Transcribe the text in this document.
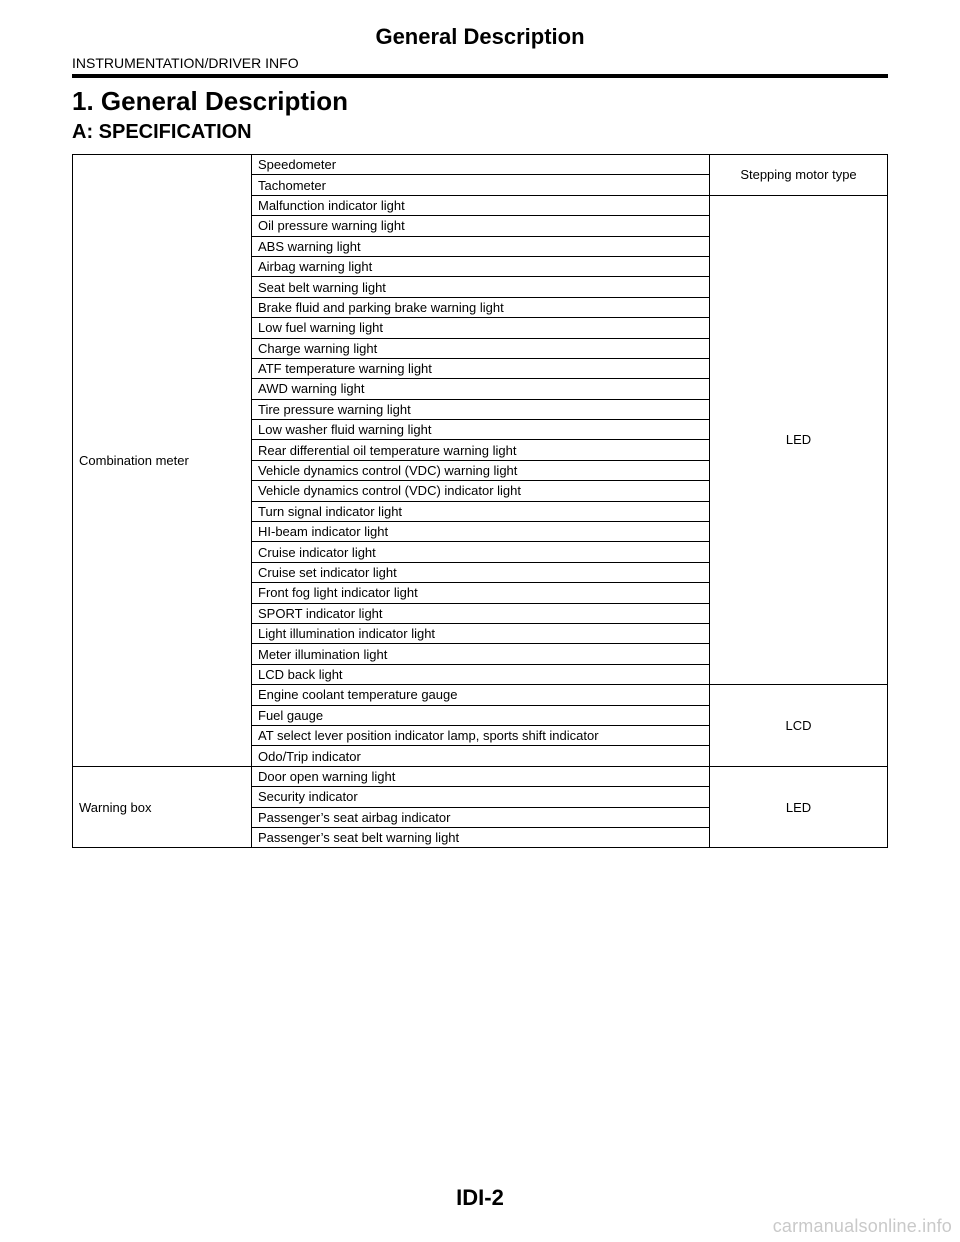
General Description
INSTRUMENTATION/DRIVER INFO
1. General Description
A: SPECIFICATION
Combination meter	Speedometer	Stepping motor type
	Tachometer	
	Malfunction indicator light	LED
	Oil pressure warning light	
	ABS warning light	
	Airbag warning light	
	Seat belt warning light	
	Brake fluid and parking brake warning light	
	Low fuel warning light	
	Charge warning light	
	ATF temperature warning light	
	AWD warning light	
	Tire pressure warning light	
	Low washer fluid warning light	
	Rear differential oil temperature warning light	
	Vehicle dynamics control (VDC) warning light	
	Vehicle dynamics control (VDC) indicator light	
	Turn signal indicator light	
	HI-beam indicator light	
	Cruise indicator light	
	Cruise set indicator light	
	Front fog light indicator light	
	SPORT indicator light	
	Light illumination indicator light	
	Meter illumination light	
	LCD back light	
	Engine coolant temperature gauge	LCD
	Fuel gauge	
	AT select lever position indicator lamp, sports shift indicator	
	Odo/Trip indicator	
Warning box	Door open warning light	LED
	Security indicator	
	Passenger’s seat airbag indicator	
	Passenger’s seat belt warning light	
IDI-2
carmanualsonline.info
